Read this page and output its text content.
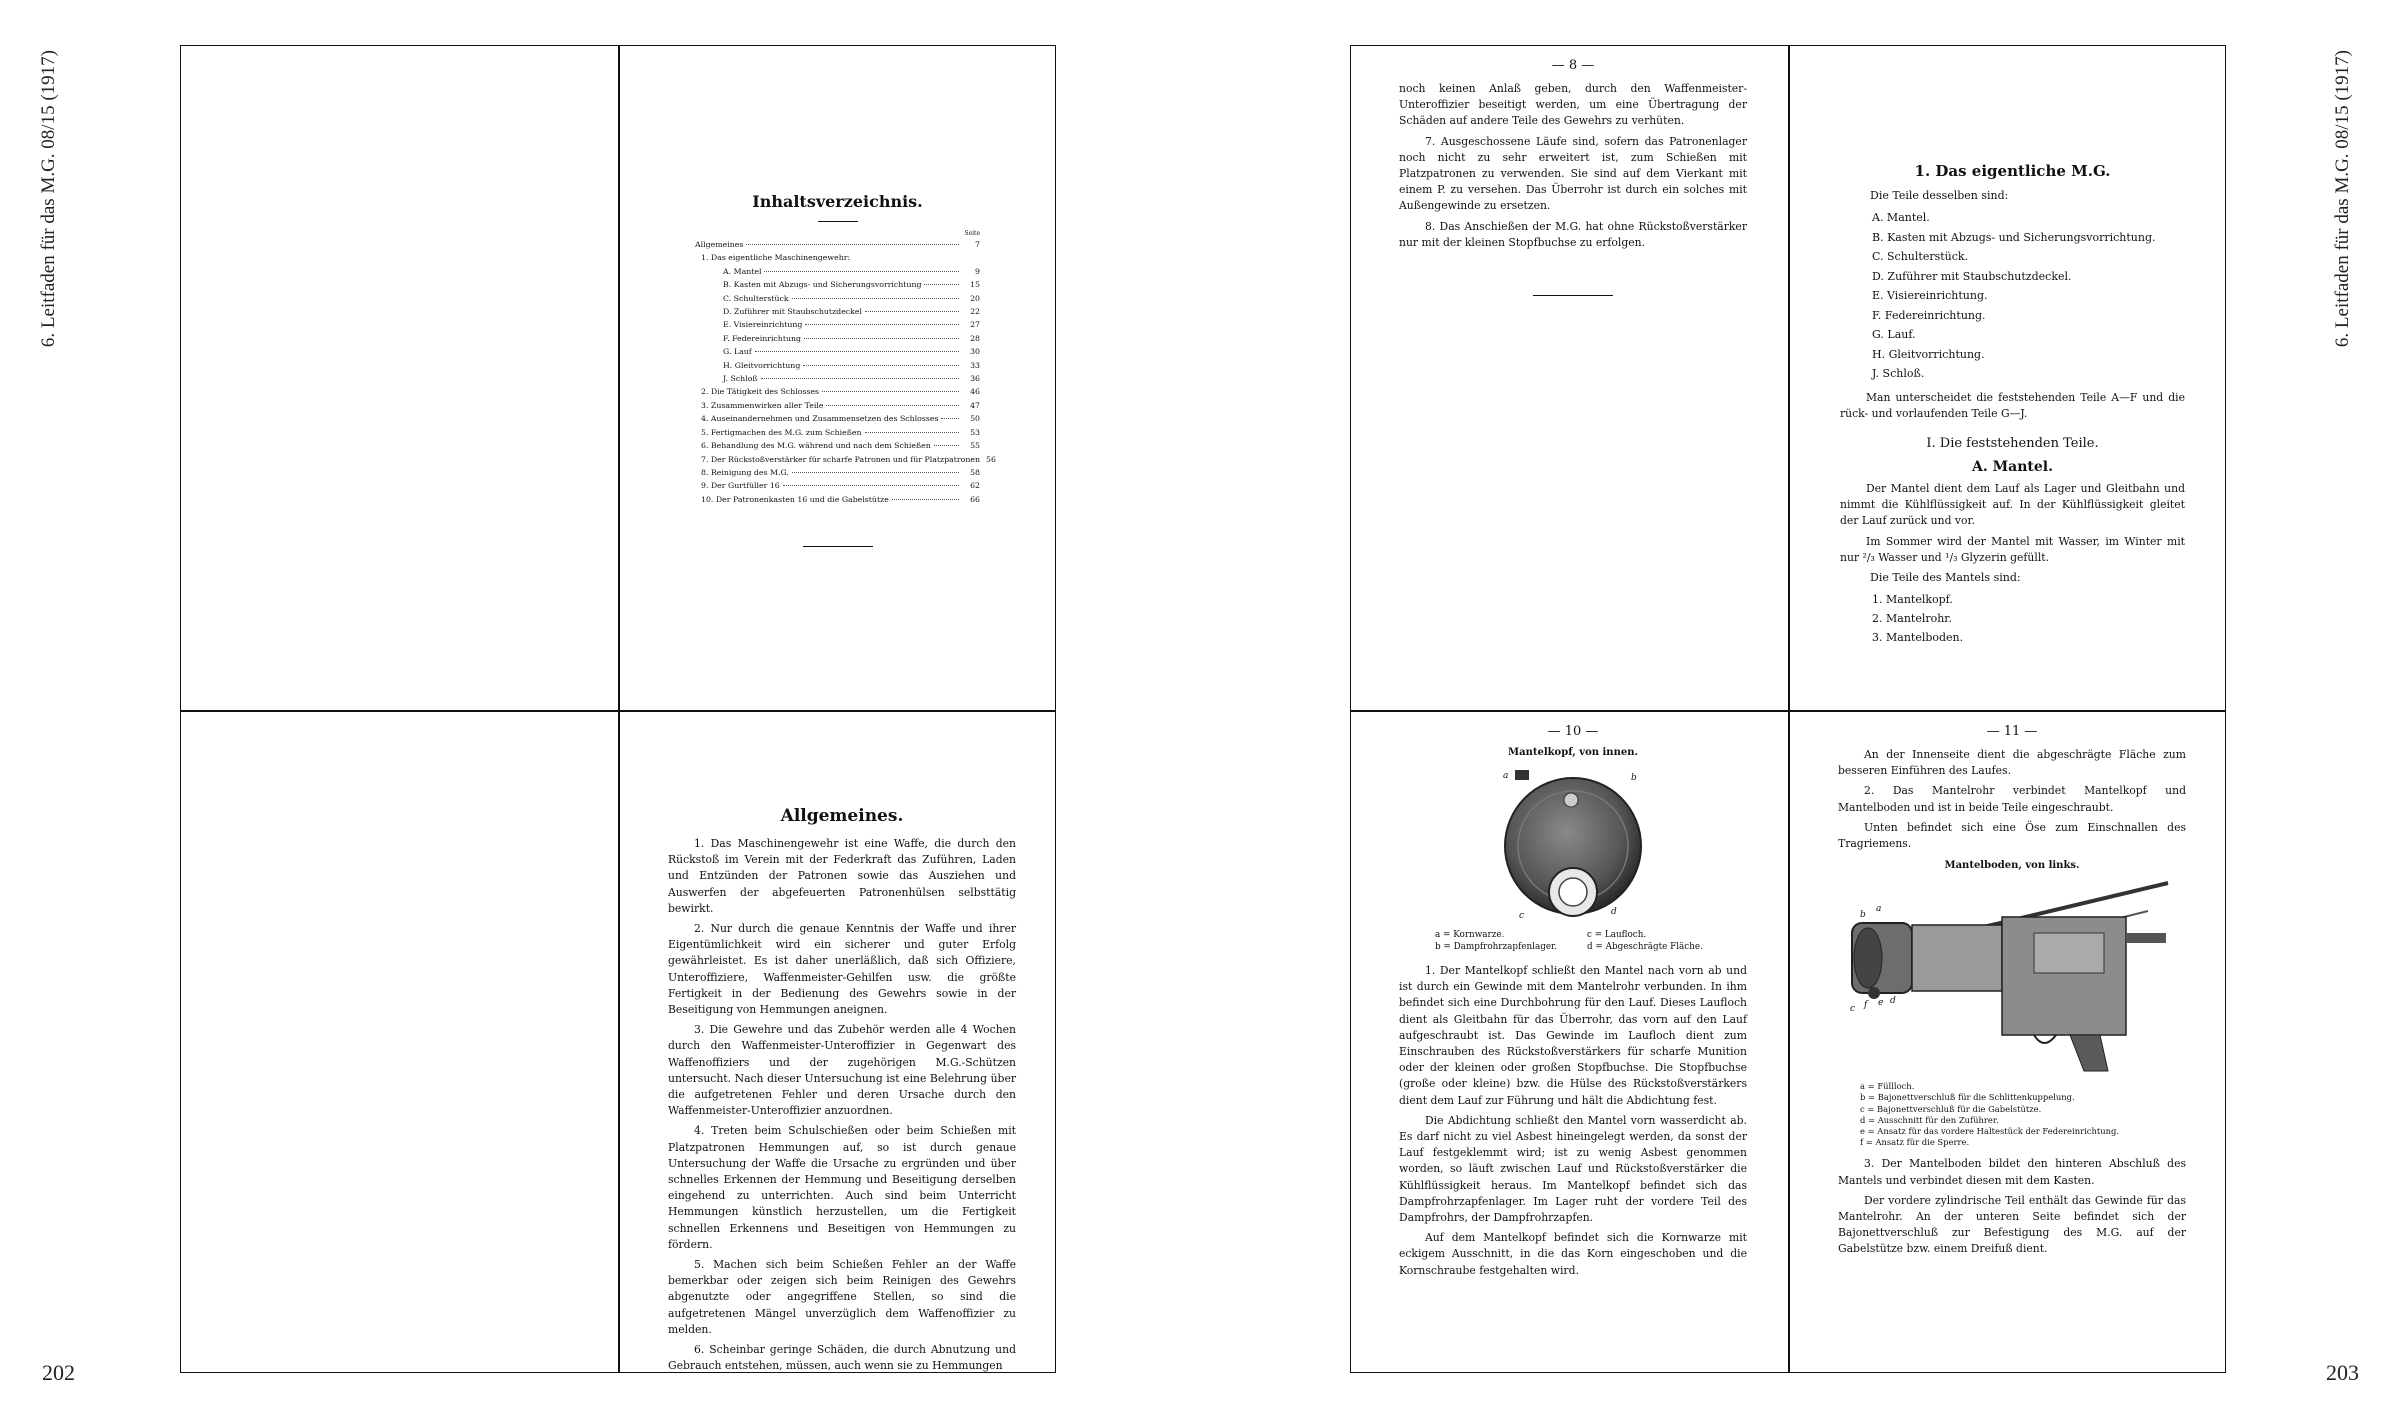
6. Leitfaden für das M.G. 08/15 (1917)	6. Leitfaden für das M.G. 08/15 (1917)
202	203
Inhaltsverzeichnis.
Seite
Allgemeines	7
1. Das eigentliche Maschinengewehr:
A. Mantel	9
B. Kasten mit Abzugs- und Sicherungsvorrichtung	15
C. Schulterstück	20
D. Zuführer mit Staubschutzdeckel	22
E. Visiereinrichtung	27
F. Federeinrichtung	28
G. Lauf	30
H. Gleitvorrichtung	33
J. Schloß	36
2. Die Tätigkeit des Schlosses	46
3. Zusammenwirken aller Teile	47
4. Auseinandernehmen und Zusammensetzen des Schlosses	50
5. Fertigmachen des M.G. zum Schießen	53
6. Behandlung des M.G. während und nach dem Schießen	55
7. Der Rückstoßverstärker für scharfe Patronen und für Platzpatronen 56
8. Reinigung des M.G.	58
9. Der Gurtfüller 16	62
10. Der Patronenkasten 16 und die Gabelstütze	66
Allgemeines.

1. Das Maschinengewehr ist eine Waffe, die durch den Rückstoß im Verein mit der Federkraft das Zuführen, Laden und Entzünden der Patronen sowie das Ausziehen und Auswerfen der abgefeuerten Patronenhülsen selbsttätig bewirkt.

2. Nur durch die genaue Kenntnis der Waffe und ihrer Eigentümlichkeit wird ein sicherer und guter Erfolg gewährleistet. Es ist daher unerläßlich, daß sich Offiziere, Unteroffiziere, Waffenmeister-Gehilfen usw. die größte Fertigkeit in der Bedienung des Gewehrs sowie in der Beseitigung von Hemmungen aneignen.

3. Die Gewehre und das Zubehör werden alle 4 Wochen durch den Waffenmeister-Unteroffizier in Gegenwart des Waffenoffiziers und der zugehörigen M.G.-Schützen untersucht. Nach dieser Untersuchung ist eine Belehrung über die aufgetretenen Fehler und deren Ursache durch den Waffenmeister-Unteroffizier anzuordnen.

4. Treten beim Schulschießen oder beim Schießen mit Platzpatronen Hemmungen auf, so ist durch genaue Untersuchung der Waffe die Ursache zu ergründen und über schnelles Erkennen der Hemmung und Beseitigung derselben eingehend zu unterrichten. Auch sind beim Unterricht Hemmungen künstlich herzustellen, um die Fertigkeit schnellen Erkennens und Beseitigen von Hemmungen zu fördern.

5. Machen sich beim Schießen Fehler an der Waffe bemerkbar oder zeigen sich beim Reinigen des Gewehrs abgenutzte oder angegriffene Stellen, so sind die aufgetretenen Mängel unverzüglich dem Waffenoffizier zu melden.

6. Scheinbar geringe Schäden, die durch Abnutzung und Gebrauch entstehen, müssen, auch wenn sie zu Hemmungen

— 8 —

noch keinen Anlaß geben, durch den Waffenmeister-Unteroffizier beseitigt werden, um eine Übertragung der Schäden auf andere Teile des Gewehrs zu verhüten.

7. Ausgeschossene Läufe sind, sofern das Patronenlager noch nicht zu sehr erweitert ist, zum Schießen mit Platzpatronen zu verwenden. Sie sind auf dem Vierkant mit einem P. zu versehen. Das Überrohr ist durch ein solches mit Außengewinde zu ersetzen.

8. Das Anschießen der M.G. hat ohne Rückstoßverstärker nur mit der kleinen Stopfbuchse zu erfolgen.

1. Das eigentliche M.G.
Die Teile desselben sind:
A. Mantel.
B. Kasten mit Abzugs- und Sicherungsvorrichtung.
C. Schulterstück.
D. Zuführer mit Staubschutzdeckel.
E. Visiereinrichtung.
F. Federeinrichtung.
G. Lauf.
H. Gleitvorrichtung.
J. Schloß.

Man unterscheidet die feststehenden Teile A—F und die rück- und vorlaufenden Teile G—J.

I. Die feststehenden Teile.
A. Mantel.

Der Mantel dient dem Lauf als Lager und Gleitbahn und nimmt die Kühlflüssigkeit auf. In der Kühlflüssigkeit gleitet der Lauf zurück und vor.

Im Sommer wird der Mantel mit Wasser, im Winter mit nur ²/₃ Wasser und ¹/₃ Glyzerin gefüllt.

Die Teile des Mantels sind:
1. Mantelkopf.
2. Mantelrohr.
3. Mantelboden.
— 10 —
Mantelkopf, von innen.
a	b
c	d
a = Kornwarze.	c = Laufloch.
b = Dampfrohrzapfenlager.	d = Abgeschrägte Fläche.

1. Der Mantelkopf schließt den Mantel nach vorn ab und ist durch ein Gewinde mit dem Mantelrohr verbunden. In ihm befindet sich eine Durchbohrung für den Lauf. Dieses Laufloch dient als Gleitbahn für das Überrohr, das vorn auf den Lauf aufgeschraubt ist. Das Gewinde im Laufloch dient zum Einschrauben des Rückstoßverstärkers für scharfe Munition oder der kleinen oder großen Stopfbuchse. Die Stopfbuchse (große oder kleine) bzw. die Hülse des Rückstoßverstärkers dient dem Lauf zur Führung und hält die Abdichtung fest.

Die Abdichtung schließt den Mantel vorn wasserdicht ab. Es darf nicht zu viel Asbest hineingelegt werden, da sonst der Lauf festgeklemmt wird; ist zu wenig Asbest genommen worden, so läuft zwischen Lauf und Rückstoßverstärker die Kühlflüssigkeit heraus. Im Mantelkopf befindet sich das Dampfrohrzapfenlager. Im Lager ruht der vordere Teil des Dampfrohrs, der Dampfrohrzapfen.

Auf dem Mantelkopf befindet sich die Kornwarze mit eckigem Ausschnitt, in die das Korn eingeschoben und die Kornschraube festgehalten wird.

— 11 —

An der Innenseite dient die abgeschrägte Fläche zum besseren Einführen des Laufes.

2. Das Mantelrohr verbindet Mantelkopf und Mantelboden und ist in beide Teile eingeschraubt.

Unten befindet sich eine Öse zum Einschnallen des Tragriemens.

Mantelboden, von links.
b
a
c f e d
a = Füllloch.
b = Bajonettverschluß für die Schlittenkuppelung.
c = Bajonettverschluß für die Gabelstütze.
d = Ausschnitt für den Zuführer.
e = Ansatz für das vordere Haltestück der Federeinrichtung.
f = Ansatz für die Sperre.

3. Der Mantelboden bildet den hinteren Abschluß des Mantels und verbindet diesen mit dem Kasten.

Der vordere zylindrische Teil enthält das Gewinde für das Mantelrohr. An der unteren Seite befindet sich der Bajonettverschluß zur Befestigung des M.G. auf der Gabelstütze bzw. einem Dreifuß dient.
